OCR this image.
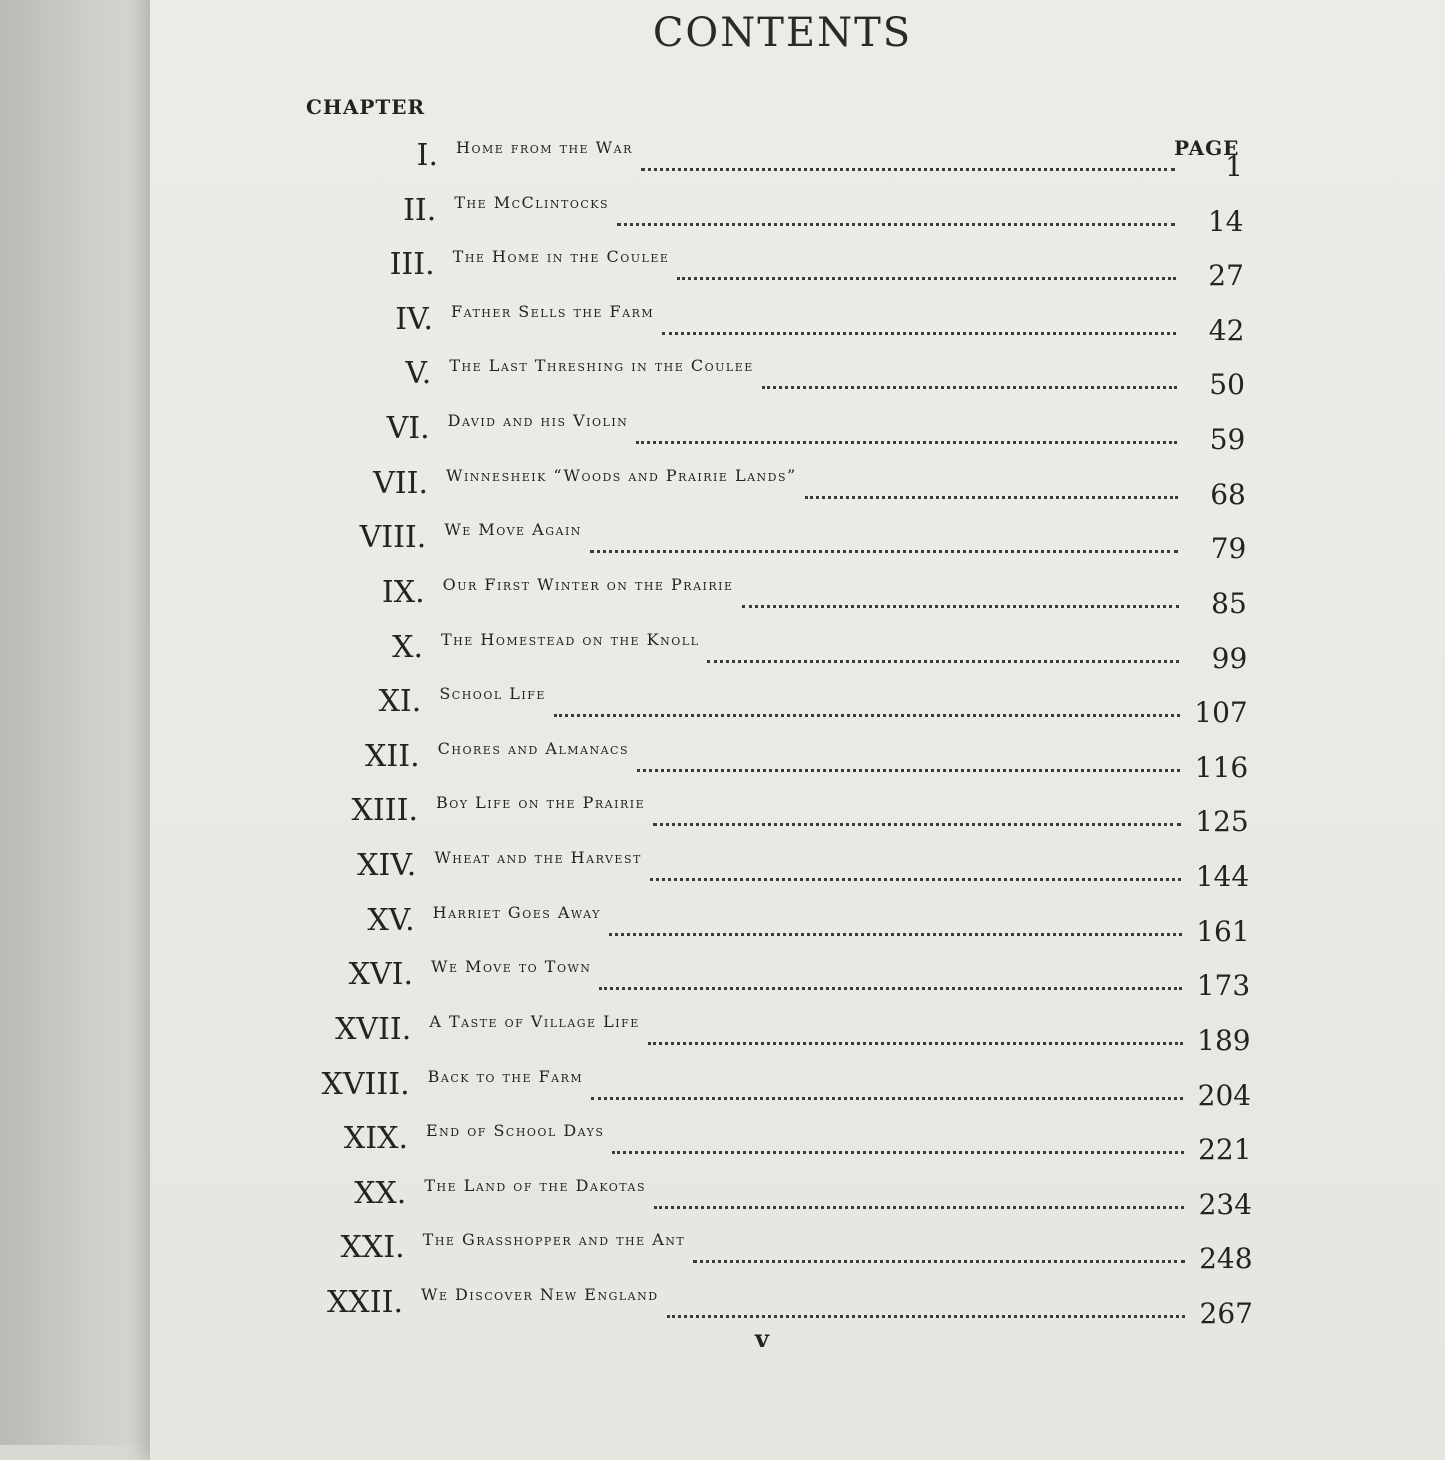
CONTENTS
CHAPTER
PAGE
I. Home from the War
1
II. The McClintocks
14
III. The Home in the Coulee
27
IV. Father Sells the Farm
42
V. The Last Threshing in the Coulee
50
VI. David and his Violin
59
VII. Winnesheik “Woods and Prairie Lands”
68
VIII. We Move Again
79
IX. Our First Winter on the Prairie
85
X. The Homestead on the Knoll
99
XI. School Life
107
XII. Chores and Almanacs
116
XIII. Boy Life on the Prairie
125
XIV. Wheat and the Harvest
144
XV. Harriet Goes Away
161
XVI. We Move to Town
173
XVII. A Taste of Village Life
189
XVIII. Back to the Farm
204
XIX. End of School Days
221
XX. The Land of the Dakotas
234
XXI. The Grasshopper and the Ant
248
XXII. We Discover New England
267
v
